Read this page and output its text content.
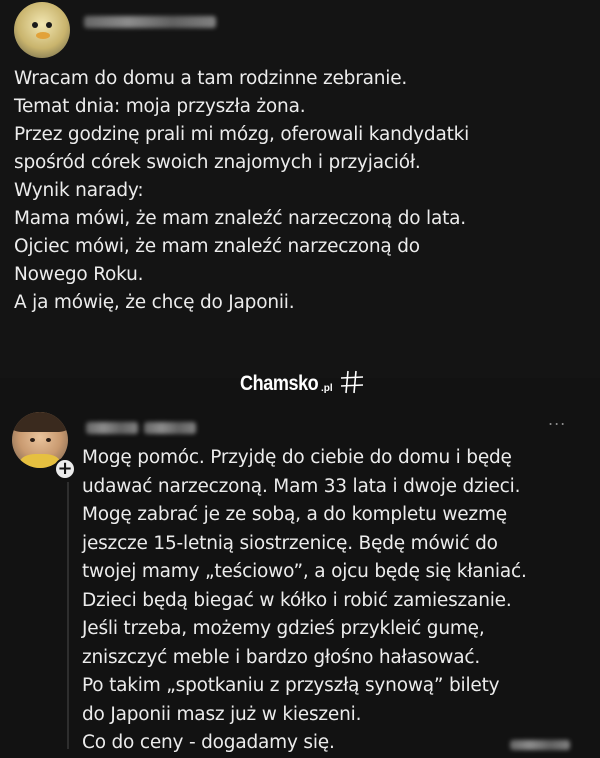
Wracam do domu a tam rodzinne zebranie.
Temat dnia: moja przyszła żona.
Przez godzinę prali mi mózg, oferowali kandydatki
spośród córek swoich znajomych i przyjaciół.
Wynik narady:
Mama mówi, że mam znaleźć narzeczoną do lata.
Ojciec mówi, że mam znaleźć narzeczoną do
Nowego Roku.
A ja mówię, że chcę do Japonii.
Chamsko .pl
+
...
Mogę pomóc. Przyjdę do ciebie do domu i będę
udawać narzeczoną. Mam 33 lata i dwoje dzieci.
Mogę zabrać je ze sobą, a do kompletu wezmę
jeszcze 15-letnią siostrzenicę. Będę mówić do
twojej mamy „teściowo”, a ojcu będę się kłaniać.
Dzieci będą biegać w kółko i robić zamieszanie.
Jeśli trzeba, możemy gdzieś przykleić gumę,
zniszczyć meble i bardzo głośno hałasować.
Po takim „spotkaniu z przyszłą synową” bilety
do Japonii masz już w kieszeni.
Co do ceny - dogadamy się.
